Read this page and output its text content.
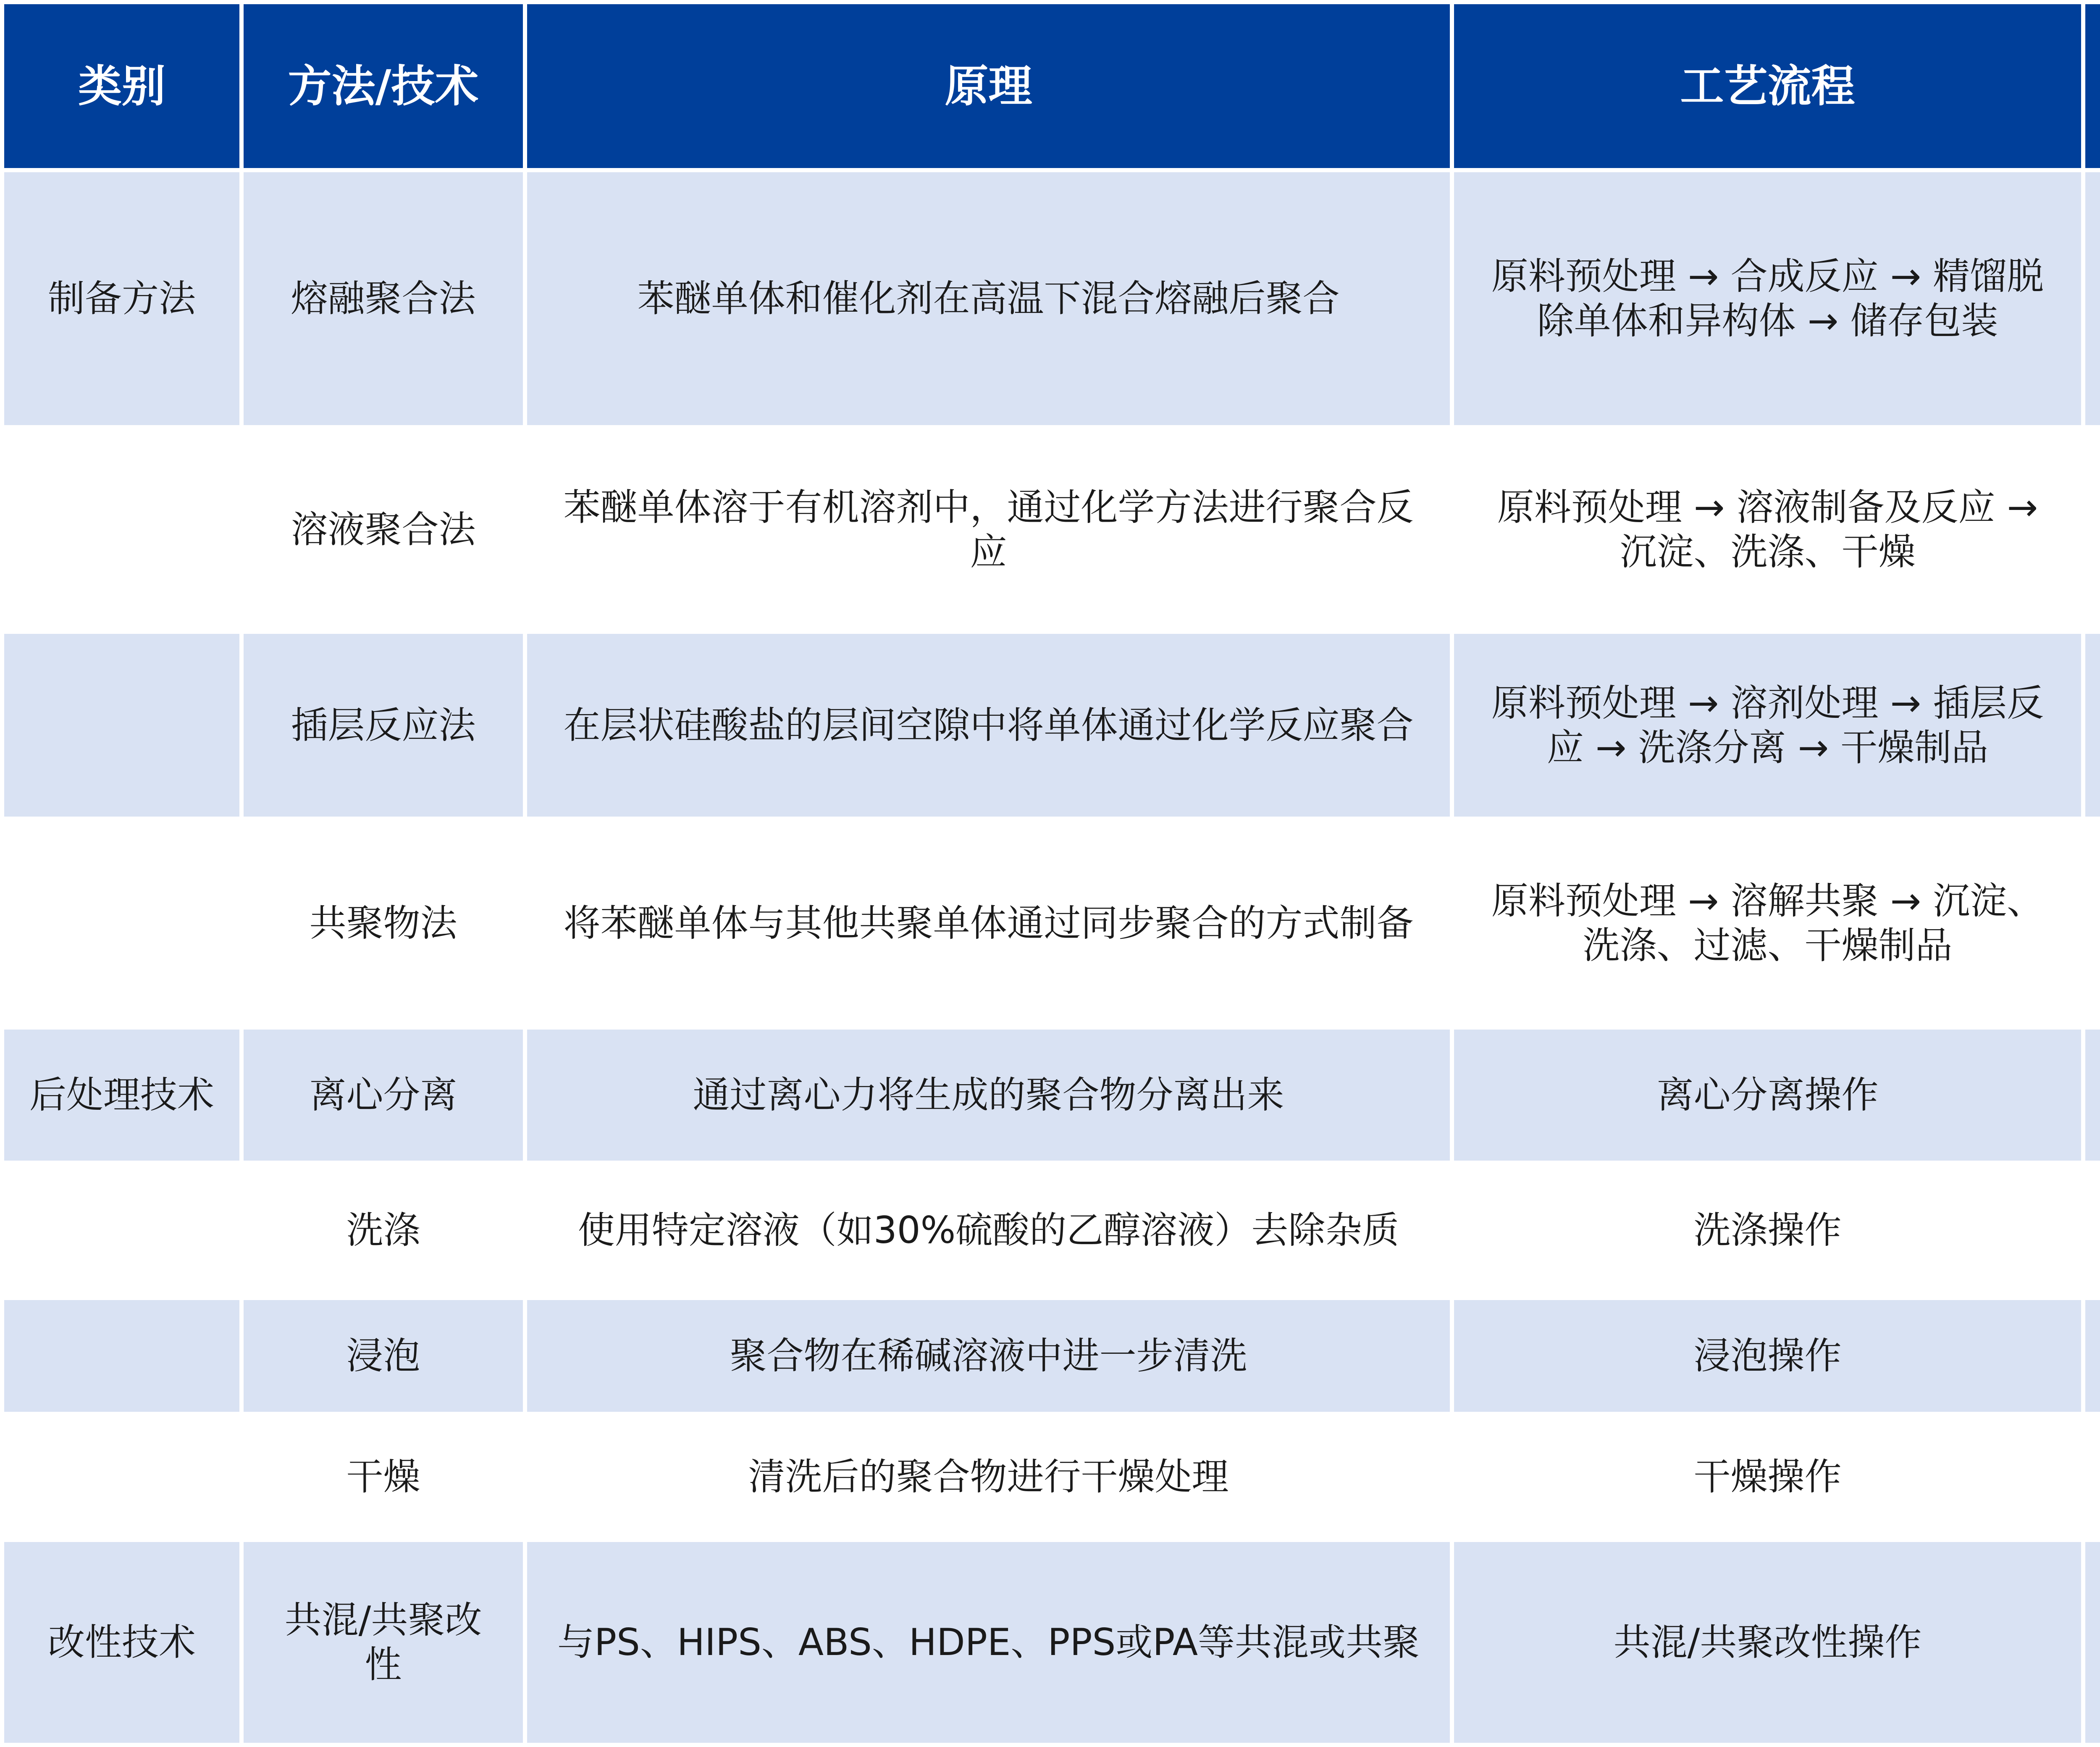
类别	方法/技术	原理	工艺流程		
制备方法	熔融聚合法	苯醚单体和催化剂在高温下混合熔融后聚合	原料预处理 → 合成反应 → 精馏脱除单体和异构体 → 储存包装		
	溶液聚合法	苯醚单体溶于有机溶剂中，通过化学方法进行聚合反应	原料预处理 → 溶液制备及反应 → 沉淀、洗涤、干燥		
	插层反应法	在层状硅酸盐的层间空隙中将单体通过化学反应聚合	原料预处理 → 溶剂处理 → 插层反应 → 洗涤分离 → 干燥制品		
	共聚物法	将苯醚单体与其他共聚单体通过同步聚合的方式制备	原料预处理 → 溶解共聚 → 沉淀、洗涤、过滤、干燥制品		
后处理技术	离心分离	通过离心力将生成的聚合物分离出来	离心分离操作		
	洗涤	使用特定溶液（如30%硫酸的乙醇溶液）去除杂质	洗涤操作		
	浸泡	聚合物在稀碱溶液中进一步清洗	浸泡操作		
	干燥	清洗后的聚合物进行干燥处理	干燥操作		
改性技术	共混/共聚改性	与PS、HIPS、ABS、HDPE、PPS或PA等共混或共聚	共混/共聚改性操作		
